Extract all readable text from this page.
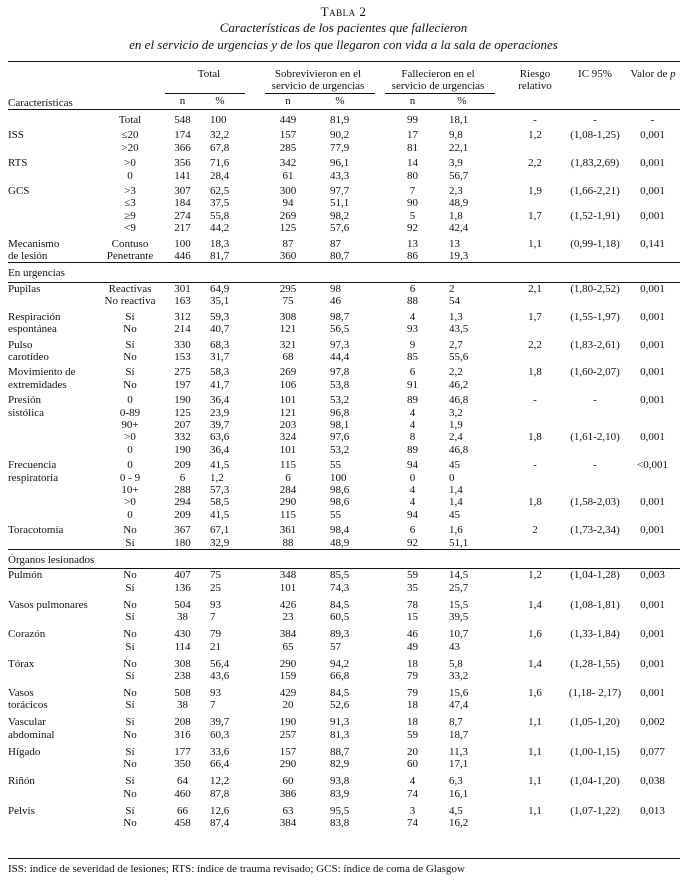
Tabla 2
Características de los pacientes que fallecieron
en el servicio de urgencias y de los que llegaron con vida a la sala de operaciones
Total	Sobrevivieron en el
servicio de urgencias
Fallecieron en el
servicio de urgencias
Riesgo
relativo
IC 95%	Valor de p
Características	n	%	n	%	n	%
	Total	548	100	449	81,9	99	18,1	-	-	-
ISS	≤20	174	32,2	157	90,2	17	9,8	1,2	(1,08-1,25)	0,001
	>20	366	67,8	285	77,9	81	22,1			
RTS	>0	356	71,6	342	96,1	14	3,9	2,2	(1,83,2,69)	0,001
	0	141	28,4	61	43,3	80	56,7			
GCS	>3	307	62,5	300	97,7	7	2,3	1,9	(1,66-2,21)	0,001
	≤3	184	37,5	94	51,1	90	48,9			
	≥9	274	55,8	269	98,2	5	1,8	1,7	(1,52-1,91)	0,001
	<9	217	44,2	125	57,6	92	42,4			
Mecanismo	Contuso	100	18,3	87	87	13	13	1,1	(0,99-1,18)	0,141
de lesión	Penetrante	446	81,7	360	80,7	86	19,3			
En urgencias										
Pupilas	Reactivas	301	64,9	295	98	6	2	2,1	(1,80-2,52)	0,001
	No reactiva	163	35,1	75	46	88	54			
Respiración	Sí	312	59,3	308	98,7	4	1,3	1,7	(1,55-1,97)	0,001
espontánea	No	214	40,7	121	56,5	93	43,5			
Pulso	Sí	330	68,3	321	97,3	9	2,7	2,2	(1,83-2,61)	0,001
carotídeo	No	153	31,7	68	44,4	85	55,6			
Movimiento de	Sí	275	58,3	269	97,8	6	2,2	1,8	(1,60-2,07)	0,001
extremidades	No	197	41,7	106	53,8	91	46,2			
Presión	0	190	36,4	101	53,2	89	46,8	-	-	0,001
sistólica	0-89	125	23,9	121	96,8	4	3,2			
	90+	207	39,7	203	98,1	4	1,9			
	>0	332	63,6	324	97,6	8	2,4	1,8	(1,61-2,10)	0,001
	0	190	36,4	101	53,2	89	46,8			
Frecuencia	0	209	41,5	115	55	94	45	-	-	<0,001
respiratoria	0 - 9	6	1,2	6	100	0	0			
	10+	288	57,3	284	98,6	4	1,4			
	>0	294	58,5	290	98,6	4	1,4	1,8	(1,58-2,03)	0,001
	0	209	41,5	115	55	94	45			
Toracotomía	No	367	67,1	361	98,4	6	1,6	2	(1,73-2,34)	0,001
	Sí	180	32,9	88	48,9	92	51,1			
Órganos lesionados										
Pulmón	No	407	75	348	85,5	59	14,5	1,2	(1,04-1,28)	0,003
	Sí	136	25	101	74,3	35	25,7			
Vasos pulmonares	No	504	93	426	84,5	78	15,5	1,4	(1,08-1,81)	0,001
	Sí	38	7	23	60,5	15	39,5			
Corazón	No	430	79	384	89,3	46	10,7	1,6	(1,33-1,84)	0,001
	Sí	114	21	65	57	49	43			
Tórax	No	308	56,4	290	94,2	18	5,8	1,4	(1,28-1,55)	0,001
	Sí	238	43,6	159	66,8	79	33,2			
Vasos	No	508	93	429	84,5	79	15,6	1,6	(1,18- 2,17)	0,001
torácicos	Sí	38	7	20	52,6	18	47,4			
Vascular	Sí	208	39,7	190	91,3	18	8,7	1,1	(1,05-1,20)	0,002
abdominal	No	316	60,3	257	81,3	59	18,7			
Hígado	Sí	177	33,6	157	88,7	20	11,3	1,1	(1,00-1,15)	0,077
	No	350	66,4	290	82,9	60	17,1			
Riñón	Sí	64	12,2	60	93,8	4	6,3	1,1	(1,04-1,20)	0,038
	No	460	87,8	386	83,9	74	16,1			
Pelvis	Sí	66	12,6	63	95,5	3	4,5	1,1	(1,07-1,22)	0,013
	No	458	87,4	384	83,8	74	16,2			
ISS: índice de severidad de lesiones; RTS: índice de trauma revisado; GCS: índice de coma de Glasgow
